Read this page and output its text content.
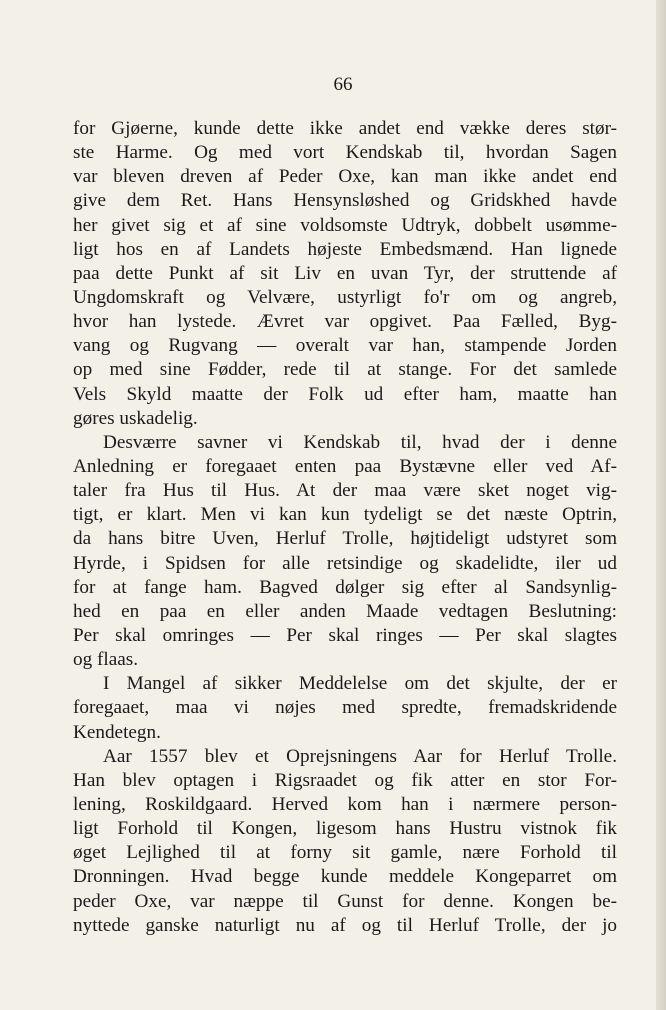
66
for Gjøerne, kunde dette ikke andet end vække deres stør-
ste Harme. Og med vort Kendskab til, hvordan Sagen
var bleven dreven af Peder Oxe, kan man ikke andet end
give dem Ret. Hans Hensynsløshed og Gridskhed havde
her givet sig et af sine voldsomste Udtryk, dobbelt usømme-
ligt hos en af Landets højeste Embedsmænd. Han lignede
paa dette Punkt af sit Liv en uvan Tyr, der struttende af
Ungdomskraft og Velvære, ustyrligt fo'r om og angreb,
hvor han lystede. Ævret var opgivet. Paa Fælled, Byg-
vang og Rugvang — overalt var han, stampende Jorden
op med sine Fødder, rede til at stange. For det samlede
Vels Skyld maatte der Folk ud efter ham, maatte han
gøres uskadelig.
Desværre savner vi Kendskab til, hvad der i denne
Anledning er foregaaet enten paa Bystævne eller ved Af-
taler fra Hus til Hus. At der maa være sket noget vig-
tigt, er klart. Men vi kan kun tydeligt se det næste Optrin,
da hans bitre Uven, Herluf Trolle, højtideligt udstyret som
Hyrde, i Spidsen for alle retsindige og skadelidte, iler ud
for at fange ham. Bagved dølger sig efter al Sandsynlig-
hed en paa en eller anden Maade vedtagen Beslutning:
Per skal omringes — Per skal ringes — Per skal slagtes
og flaas.
I Mangel af sikker Meddelelse om det skjulte, der er
foregaaet, maa vi nøjes med spredte, fremadskridende
Kendetegn.
Aar 1557 blev et Oprejsningens Aar for Herluf Trolle.
Han blev optagen i Rigsraadet og fik atter en stor For-
lening, Roskildgaard. Herved kom han i nærmere person-
ligt Forhold til Kongen, ligesom hans Hustru vistnok fik
øget Lejlighed til at forny sit gamle, nære Forhold til
Dronningen. Hvad begge kunde meddele Kongeparret om
peder Oxe, var næppe til Gunst for denne. Kongen be-
nyttede ganske naturligt nu af og til Herluf Trolle, der jo
